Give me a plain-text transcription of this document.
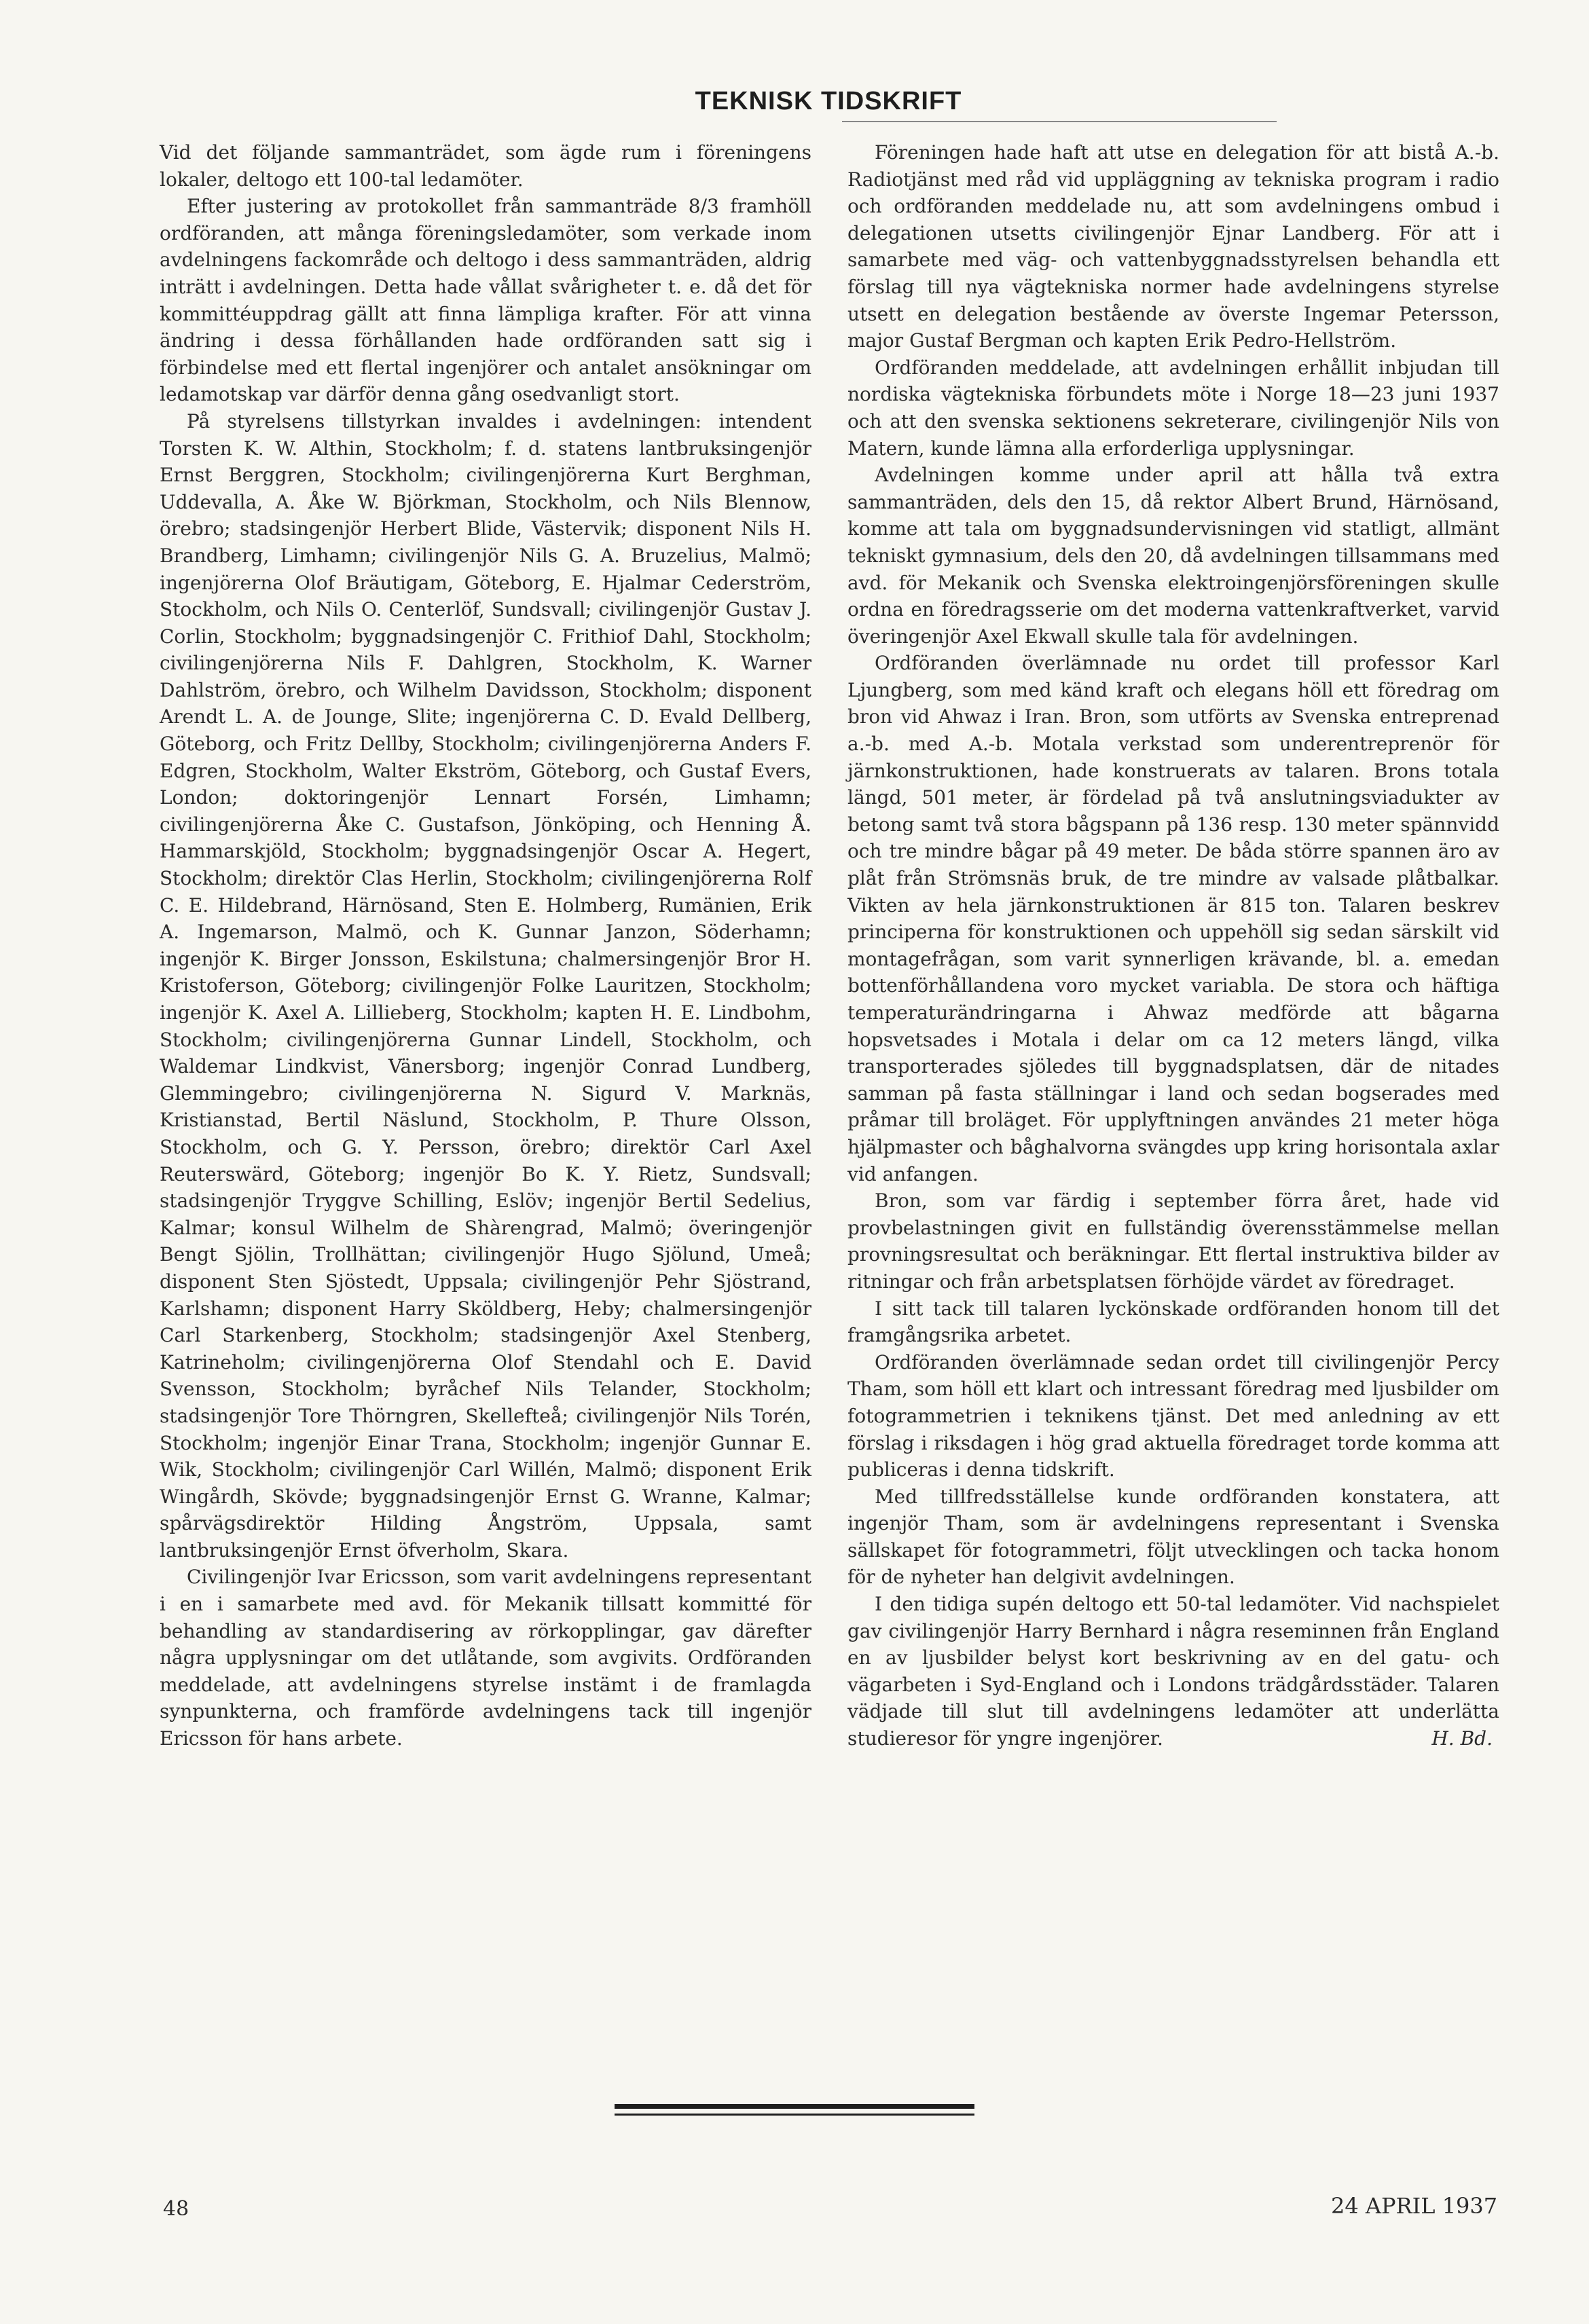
TEKNISK TIDSKRIFT

Vid det följande sammanträdet, som ägde rum i föreningens lokaler, deltogo ett 100-tal ledamöter.

Efter justering av protokollet från sammanträde 8/3 framhöll ordföranden, att många föreningsledamöter, som verkade inom avdelningens fackområde och deltogo i dess sammanträden, aldrig inträtt i avdelningen. Detta hade vållat svårigheter t. e. då det för kommittéuppdrag gällt att finna lämpliga krafter. För att vinna ändring i dessa förhållanden hade ordföranden satt sig i förbindelse med ett flertal ingenjörer och antalet ansökningar om ledamotskap var därför denna gång osedvanligt stort.

På styrelsens tillstyrkan invaldes i avdelningen: intendent Torsten K. W. Althin, Stockholm; f. d. statens lantbruksingenjör Ernst Berggren, Stockholm; civilingenjörerna Kurt Berghman, Uddevalla, A. Åke W. Björkman, Stockholm, och Nils Blennow, örebro; stadsingenjör Herbert Blide, Västervik; disponent Nils H. Brandberg, Limhamn; civilingenjör Nils G. A. Bruzelius, Malmö; ingenjörerna Olof Bräutigam, Göteborg, E. Hjalmar Cederström, Stockholm, och Nils O. Centerlöf, Sundsvall; civilingenjör Gustav J. Corlin, Stockholm; byggnadsingenjör C. Frithiof Dahl, Stockholm; civilingenjörerna Nils F. Dahlgren, Stockholm, K. Warner Dahlström, örebro, och Wilhelm Davidsson, Stockholm; disponent Arendt L. A. de Jounge, Slite; ingenjörerna C. D. Evald Dellberg, Göteborg, och Fritz Dellby, Stockholm; civilingenjörerna Anders F. Edgren, Stockholm, Walter Ekström, Göteborg, och Gustaf Evers, London; doktoringenjör Lennart Forsén, Limhamn; civilingenjörerna Åke C. Gustafson, Jönköping, och Henning Å. Hammarskjöld, Stockholm; byggnadsingenjör Oscar A. Hegert, Stockholm; direktör Clas Herlin, Stockholm; civilingenjörerna Rolf C. E. Hildebrand, Härnösand, Sten E. Holmberg, Rumänien, Erik A. Ingemarson, Malmö, och K. Gunnar Janzon, Söderhamn; ingenjör K. Birger Jonsson, Eskilstuna; chalmersingenjör Bror H. Kristoferson, Göteborg; civilingenjör Folke Lauritzen, Stockholm; ingenjör K. Axel A. Lillieberg, Stockholm; kapten H. E. Lindbohm, Stockholm; civilingenjörerna Gunnar Lindell, Stockholm, och Waldemar Lindkvist, Vänersborg; ingenjör Conrad Lundberg, Glemmingebro; civilingenjörerna N. Sigurd V. Marknäs, Kristianstad, Bertil Näslund, Stockholm, P. Thure Olsson, Stockholm, och G. Y. Persson, örebro; direktör Carl Axel Reuterswärd, Göteborg; ingenjör Bo K. Y. Rietz, Sundsvall; stadsingenjör Tryggve Schilling, Eslöv; ingenjör Bertil Sedelius, Kalmar; konsul Wilhelm de Shàrengrad, Malmö; överingenjör Bengt Sjölin, Trollhättan; civilingenjör Hugo Sjölund, Umeå; disponent Sten Sjöstedt, Uppsala; civilingenjör Pehr Sjöstrand, Karlshamn; disponent Harry Sköldberg, Heby; chalmersingenjör Carl Starkenberg, Stockholm; stadsingenjör Axel Stenberg, Katrineholm; civilingenjörerna Olof Stendahl och E. David Svensson, Stockholm; byråchef Nils Telander, Stockholm; stadsingenjör Tore Thörngren, Skellefteå; civilingenjör Nils Torén, Stockholm; ingenjör Einar Trana, Stockholm; ingenjör Gunnar E. Wik, Stockholm; civilingenjör Carl Willén, Malmö; disponent Erik Wingårdh, Skövde; byggnadsingenjör Ernst G. Wranne, Kalmar; spårvägsdirektör Hilding Ångström, Uppsala, samt lantbruksingenjör Ernst öfverholm, Skara.

Civilingenjör Ivar Ericsson, som varit avdelningens representant i en i samarbete med avd. för Mekanik tillsatt kommitté för behandling av standardisering av rörkopplingar, gav därefter några upplysningar om det utlåtande, som avgivits. Ordföranden meddelade, att avdelningens styrelse instämt i de framlagda synpunkterna, och framförde avdelningens tack till ingenjör Ericsson för hans arbete.

Föreningen hade haft att utse en delegation för att bistå A.-b. Radiotjänst med råd vid uppläggning av tekniska program i radio och ordföranden meddelade nu, att som avdelningens ombud i delegationen utsetts civilingenjör Ejnar Landberg. För att i samarbete med väg- och vattenbyggnadsstyrelsen behandla ett förslag till nya vägtekniska normer hade avdelningens styrelse utsett en delegation bestående av överste Ingemar Petersson, major Gustaf Bergman och kapten Erik Pedro-Hellström.

Ordföranden meddelade, att avdelningen erhållit inbjudan till nordiska vägtekniska förbundets möte i Norge 18—23 juni 1937 och att den svenska sektionens sekreterare, civilingenjör Nils von Matern, kunde lämna alla erforderliga upplysningar.

Avdelningen komme under april att hålla två extra sammanträden, dels den 15, då rektor Albert Brund, Härnösand, komme att tala om byggnadsundervisningen vid statligt, allmänt tekniskt gymnasium, dels den 20, då avdelningen tillsammans med avd. för Mekanik och Svenska elektroingenjörsföreningen skulle ordna en föredragsserie om det moderna vattenkraftverket, varvid överingenjör Axel Ekwall skulle tala för avdelningen.

Ordföranden överlämnade nu ordet till professor Karl Ljungberg, som med känd kraft och elegans höll ett föredrag om bron vid Ahwaz i Iran. Bron, som utförts av Svenska entreprenad a.-b. med A.-b. Motala verkstad som underentreprenör för järnkonstruktionen, hade konstruerats av talaren. Brons totala längd, 501 meter, är fördelad på två anslutningsviadukter av betong samt två stora bågspann på 136 resp. 130 meter spännvidd och tre mindre bågar på 49 meter. De båda större spannen äro av plåt från Strömsnäs bruk, de tre mindre av valsade plåtbalkar. Vikten av hela järnkonstruktionen är 815 ton. Talaren beskrev principerna för konstruktionen och uppehöll sig sedan särskilt vid montagefrågan, som varit synnerligen krävande, bl. a. emedan bottenförhållandena voro mycket variabla. De stora och häftiga temperaturändringarna i Ahwaz medförde att bågarna hopsvetsades i Motala i delar om ca 12 meters längd, vilka transporterades sjöledes till byggnadsplatsen, där de nitades samman på fasta ställningar i land och sedan bogserades med pråmar till broläget. För upplyftningen användes 21 meter höga hjälpmaster och båghalvorna svängdes upp kring horisontala axlar vid anfangen.

Bron, som var färdig i september förra året, hade vid provbelastningen givit en fullständig överensstämmelse mellan provningsresultat och beräkningar. Ett flertal instruktiva bilder av ritningar och från arbetsplatsen förhöjde värdet av föredraget.

I sitt tack till talaren lyckönskade ordföranden honom till det framgångsrika arbetet.

Ordföranden överlämnade sedan ordet till civilingenjör Percy Tham, som höll ett klart och intressant föredrag med ljusbilder om fotogrammetrien i teknikens tjänst. Det med anledning av ett förslag i riksdagen i hög grad aktuella föredraget torde komma att publiceras i denna tidskrift.

Med tillfredsställelse kunde ordföranden konstatera, att ingenjör Tham, som är avdelningens representant i Svenska sällskapet för fotogrammetri, följt utvecklingen och tacka honom för de nyheter han delgivit avdelningen.

I den tidiga supén deltogo ett 50-tal ledamöter. Vid nachspielet gav civilingenjör Harry Bernhard i några reseminnen från England en av ljusbilder belyst kort beskrivning av en del gatu- och vägarbeten i Syd-England och i Londons trädgårdsstäder. Talaren vädjade till slut till avdelningens ledamöter att underlätta studieresor för yngre ingenjörer.	H. Bd.

48	24 APRIL 1937
